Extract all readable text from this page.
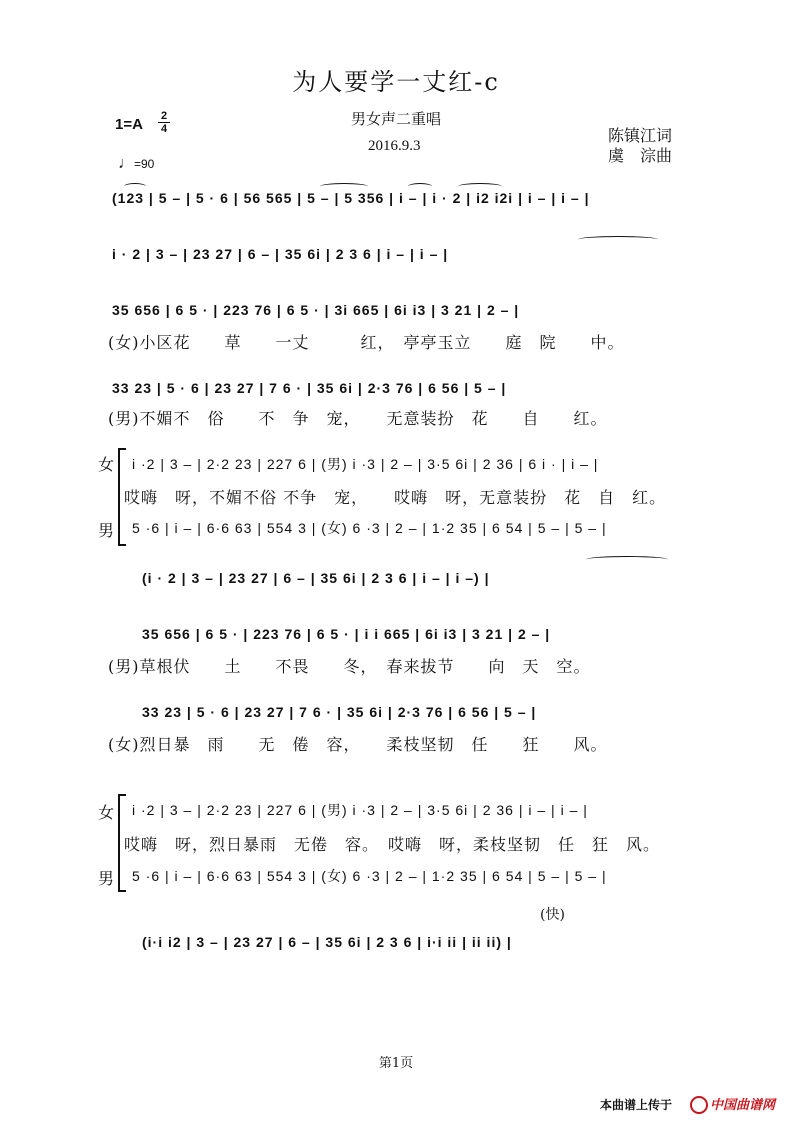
为人要学一丈红-c
男女声二重唱
2016.9.3
1=A 2
4
♩=90
陈镇江词
虞　淙曲
(123 | 5 – | 5 · 6 | 56 565 | 5 – | 5 356 | i – | i · 2 | i2 i2i | i – | i – |
i · 2 | 3 – | 23 27 | 6 – | 35 6i | 2 3 6 | i – | i – |
35 656 | 6 5 · | 223 76 | 6 5 · | 3i 665 | 6i i3 | 3 21 | 2 – |
(女)小区花　　草　　一丈　　　红，　亭亭玉立　　庭　院　　中。
33 23 | 5 · 6 | 23 27 | 7 6 · | 35 6i | 2·3 76 | 6 56 | 5 – |
(男)不媚不　俗　　不　争　宠，　　无意装扮　花　　自　　红。
女
男
i ·2 | 3 – | 2·2 23 | 227 6 | (男) i ·3 | 2 – | 3·5 6i | 2 36 | 6 i · | i – |
哎嗨　呀，不媚不俗 不争　宠，　　哎嗨　呀，无意装扮　花　自　红。
5 ·6 | i – | 6·6 63 | 554 3 | (女) 6 ·3 | 2 – | 1·2 35 | 6 54 | 5 – | 5 – |
(i · 2 | 3 – | 23 27 | 6 – | 35 6i | 2 3 6 | i – | i –) |
35 656 | 6 5 · | 223 76 | 6 5 · | i i 665 | 6i i3 | 3 21 | 2 – |
(男)草根伏　　土　　不畏　　冬，　春来拔节　　向　天　空。
33 23 | 5 · 6 | 23 27 | 7 6 · | 35 6i | 2·3 76 | 6 56 | 5 – |
(女)烈日暴　雨　　无　倦　容，　　柔枝坚韧　任　　狂　　风。
女
男
i ·2 | 3 – | 2·2 23 | 227 6 | (男) i ·3 | 2 – | 3·5 6i | 2 36 | i – | i – |
哎嗨　呀，烈日暴雨　无倦　容。　哎嗨　呀，柔枝坚韧　任　狂　风。
5 ·6 | i – | 6·6 63 | 554 3 | (女) 6 ·3 | 2 – | 1·2 35 | 6 54 | 5 – | 5 – |
(快)
(i·i i2 | 3 – | 23 27 | 6 – | 35 6i | 2 3 6 | i·i ii | ii ii) |
第1页
本曲谱上传于	中国曲谱网
